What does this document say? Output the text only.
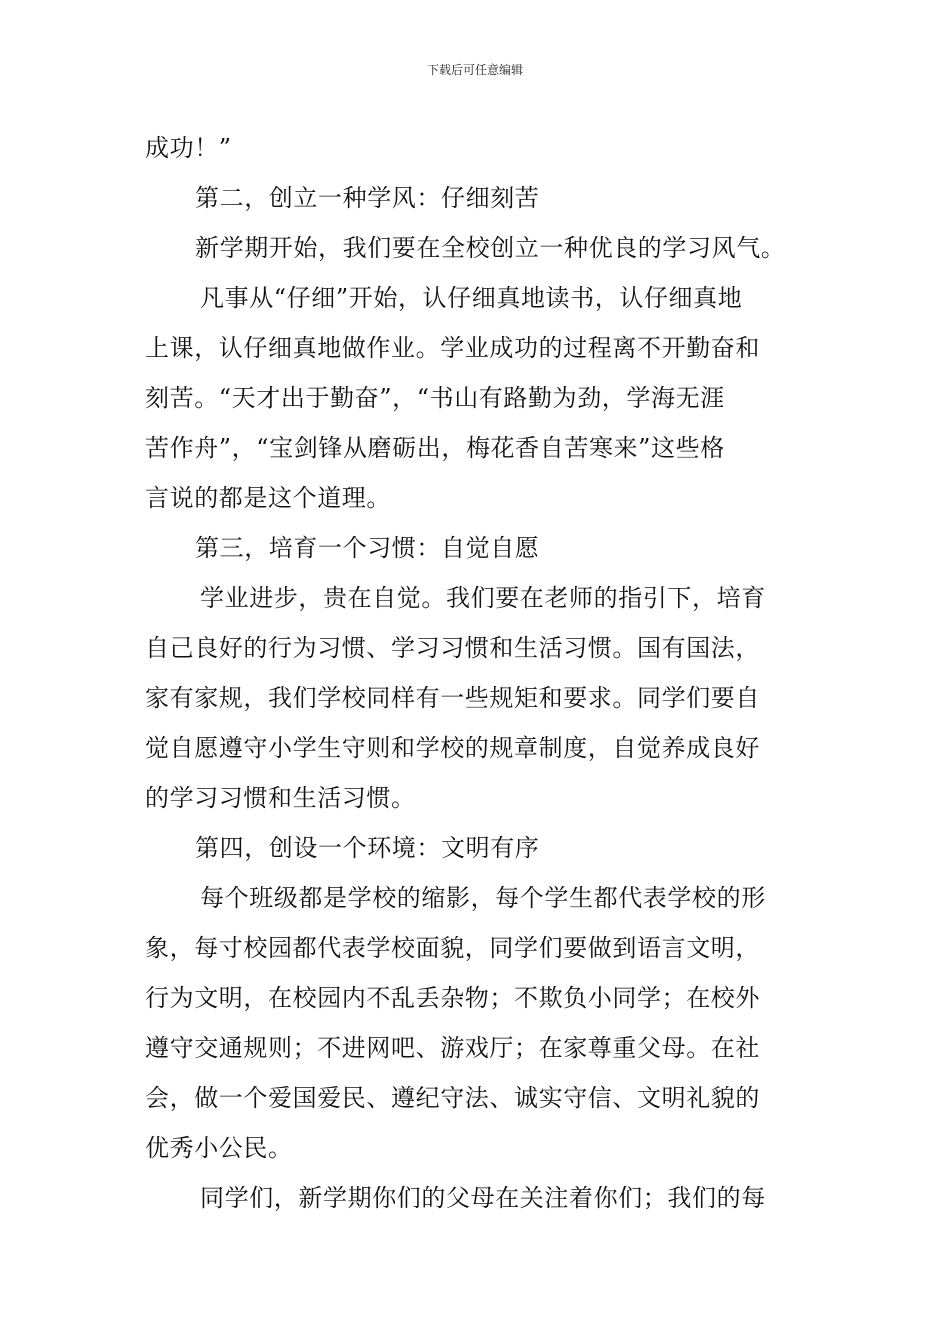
下载后可任意编辑
成功！”
第二，创立一种学风：仔细刻苦
新学期开始，我们要在全校创立一种优良的学习风气。
凡事从“仔细”开始，认仔细真地读书，认仔细真地
上课，认仔细真地做作业。学业成功的过程离不开勤奋和
刻苦。“天才出于勤奋”，“书山有路勤为劲，学海无涯
苦作舟”，“宝剑锋从磨砺出，梅花香自苦寒来”这些格
言说的都是这个道理。
第三，培育一个习惯：自觉自愿
学业进步，贵在自觉。我们要在老师的指引下，培育
自己良好的行为习惯、学习习惯和生活习惯。国有国法，
家有家规，我们学校同样有一些规矩和要求。同学们要自
觉自愿遵守小学生守则和学校的规章制度，自觉养成良好
的学习习惯和生活习惯。
第四，创设一个环境：文明有序
每个班级都是学校的缩影，每个学生都代表学校的形
象，每寸校园都代表学校面貌，同学们要做到语言文明，
行为文明，在校园内不乱丢杂物；不欺负小同学；在校外
遵守交通规则；不进网吧、游戏厅；在家尊重父母。在社
会，做一个爱国爱民、遵纪守法、诚实守信、文明礼貌的
优秀小公民。
同学们，新学期你们的父母在关注着你们；我们的每
